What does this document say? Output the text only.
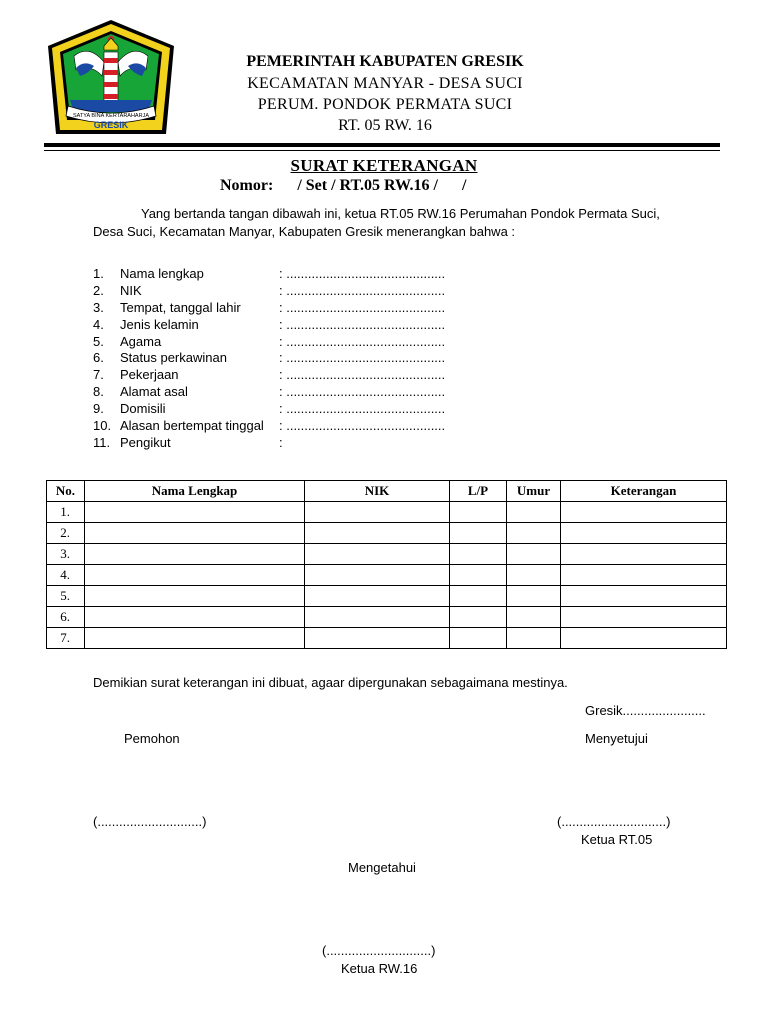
SATYA BINA KERTARAHARJA
GRESIK
PEMERINTAH KABUPATEN GRESIK
KECAMATAN MANYAR - DESA SUCI
PERUM. PONDOK PERMATA SUCI
RT. 05 RW. 16
SURAT KETERANGAN
Nomor:      / Set / RT.05 RW.16 /      /
Yang bertanda tangan dibawah ini, ketua RT.05 RW.16 Perumahan Pondok Permata Suci, Desa Suci, Kecamatan Manyar, Kabupaten Gresik menerangkan bahwa :
1.	Nama lengkap	: ............................................
2.	NIK	: ............................................
3.	Tempat, tanggal lahir	: ............................................
4.	Jenis kelamin	: ............................................
5.	Agama	: ............................................
6.	Status perkawinan	: ............................................
7.	Pekerjaan	: ............................................
8.	Alamat asal	: ............................................
9.	Domisili	: ............................................
10. Alasan bertempat tinggal : ............................................
11. Pengikut	:
No.	Nama Lengkap	NIK	L/P	Umur	Keterangan
1.					
2.					
3.					
4.					
5.					
6.					
7.					
Demikian surat keterangan ini dibuat, agaar dipergunakan sebagaimana mestinya.
Gresik.......................
Pemohon	Menyetujui
(.............................)	(.............................)
Ketua RT.05
Mengetahui
(.............................)
Ketua RW.16
